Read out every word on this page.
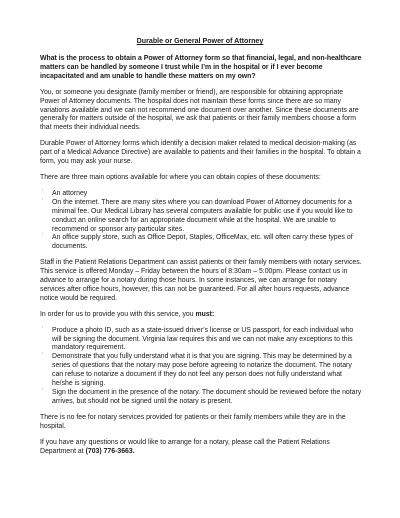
Durable or General Power of Attorney

What is the process to obtain a Power of Attorney form so that financial, legal, and non-healthcare matters can be handled by someone I trust while I’m in the hospital or if I ever become incapacitated and am unable to handle these matters on my own?

You, or someone you designate (family member or friend), are responsible for obtaining appropriate Power of Attorney documents. The hospital does not maintain these forms since there are so many variations available and we can not recommend one document over another. Since these documents are generally for matters outside of the hospital, we ask that patients or their family members choose a form that meets their individual needs.

Durable Power of Attorney forms which identify a decision maker related to medical decision-making (as part of a Medical Advance Directive) are available to patients and their families in the hospital. To obtain a form, you may ask your nurse.

There are three main options available for where you can obtain copies of these documents:

˙ An attorney
˙ On the internet. There are many sites where you can download Power of Attorney documents for a minimal fee. Our Medical Library has several computers available for public use if you would like to conduct an online search for an appropriate document while at the hospital. We are unable to recommend or sponsor any particular sites.
˙ An office supply store, such as Office Depot, Staples, OfficeMax, etc. will often carry these types of documents.

Staff in the Patient Relations Department can assist patients or their family members with notary services. This service is offered Monday – Friday between the hours of 8:30am – 5:00pm. Please contact us in advance to arrange for a notary during those hours. In some instances, we can arrange for notary services after office hours, however, this can not be guaranteed. For all after hours requests, advance notice would be required.

In order for us to provide you with this service, you must:

˙ Produce a photo ID, such as a state-issued driver’s license or US passport, for each individual who will be signing the document. Virginia law requires this and we can not make any exceptions to this mandatory requirement.
˙ Demonstrate that you fully understand what it is that you are signing. This may be determined by a series of questions that the notary may pose before agreeing to notarize the document. The notary can refuse to notarize a document if they do not feel any person does not fully understand what he/she is signing.
˙ Sign the document in the presence of the notary. The document should be reviewed before the notary arrives, but should not be signed until the notary is present.

There is no fee for notary services provided for patients or their family members while they are in the hospital.

If you have any questions or would like to arrange for a notary, please call the Patient Relations Department at (703) 776-3663.
